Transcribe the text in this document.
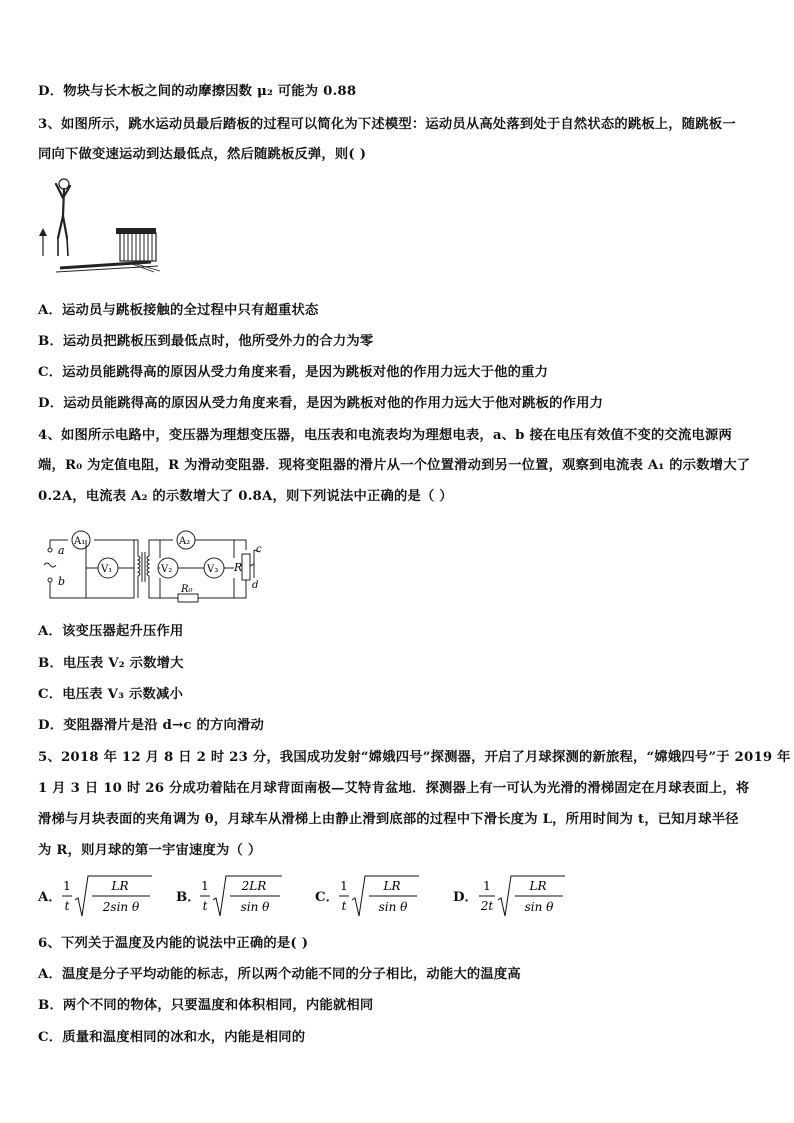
D．物块与长木板之间的动摩擦因数 μ₂ 可能为 0.88
3、如图所示，跳水运动员最后踏板的过程可以简化为下述模型：运动员从高处落到处于自然状态的跳板上，随跳板一
同向下做变速运动到达最低点，然后随跳板反弹，则( )
A．运动员与跳板接触的全过程中只有超重状态
B．运动员把跳板压到最低点时，他所受外力的合力为零
C．运动员能跳得高的原因从受力角度来看，是因为跳板对他的作用力远大于他的重力
D．运动员能跳得高的原因从受力角度来看，是因为跳板对他的作用力远大于他对跳板的作用力
4、如图所示电路中，变压器为理想变压器，电压表和电流表均为理想电表，a、b 接在电压有效值不变的交流电源两
端，R₀ 为定值电阻，R 为滑动变阻器．现将变阻器的滑片从一个位置滑动到另一位置，观察到电流表 A₁ 的示数增大了
0.2A，电流表 A₂ 的示数增大了 0.8A，则下列说法中正确的是（ ）
a
b
A₁
V₁
A₂
V₂	V₃ R
R₀
c
d
A．该变压器起升压作用
B．电压表 V₂ 示数增大
C．电压表 V₃ 示数减小
D．变阻器滑片是沿 d→c 的方向滑动
5、2018 年 12 月 8 日 2 时 23 分，我国成功发射“嫦娥四号”探测器，开启了月球探测的新旅程，“嫦娥四号”于 2019 年
1 月 3 日 10 时 26 分成功着陆在月球背面南极—艾特肯盆地．探测器上有一可认为光滑的滑梯固定在月球表面上，将
滑梯与月块表面的夹角调为 θ，月球车从滑梯上由静止滑到底部的过程中下滑长度为 L，所用时间为 t，已知月球半径
为 R，则月球的第一宇宙速度为（ ）
A．
1
t
LR
2sin θ
B．
1
t
2LR
sin θ
C．
1
t
LR
sin θ
D．
1
2t
LR
sin θ
6、下列关于温度及内能的说法中正确的是( )
A．温度是分子平均动能的标志，所以两个动能不同的分子相比，动能大的温度高
B．两个不同的物体，只要温度和体积相同，内能就相同
C．质量和温度相同的冰和水，内能是相同的
